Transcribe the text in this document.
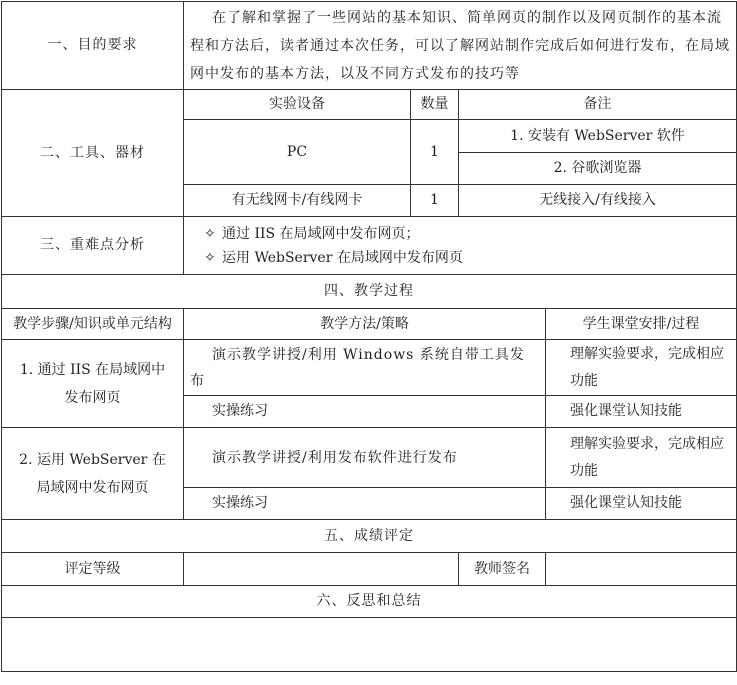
一、目的要求	在了解和掌握了一些网站的基本知识、简单网页的制作以及网页制作的基本流程和方法后，读者通过本次任务，可以了解网站制作完成后如何进行发布，在局域网中发布的基本方法，以及不同方式发布的技巧等			
二、工具、器材	实验设备	数量	备注	
	PC	1	1. 安装有 WebServer 软件	
			2. 谷歌浏览器	
	有无线网卡/有线网卡	1	无线接入/有线接入	
三、重难点分析	✧ 通过 IIS 在局域网中发布网页；
✧ 运用 WebServer 在局域网中发布网页			

四、教学过程				
教学步骤/知识或单元结构	教学方法/策略			学生课堂安排/过程
1. 通过 IIS 在局域网中发布网页	演示教学讲授/利用 Windows 系统自带工具发布			理解实验要求，完成相应功能
	实操练习			强化课堂认知技能
2. 运用 WebServer 在局域网中发布网页	演示教学讲授/利用发布软件进行发布			理解实验要求，完成相应功能
	实操练习			强化课堂认知技能
五、成绩评定				
评定等级			教师签名	
六、反思和总结				
